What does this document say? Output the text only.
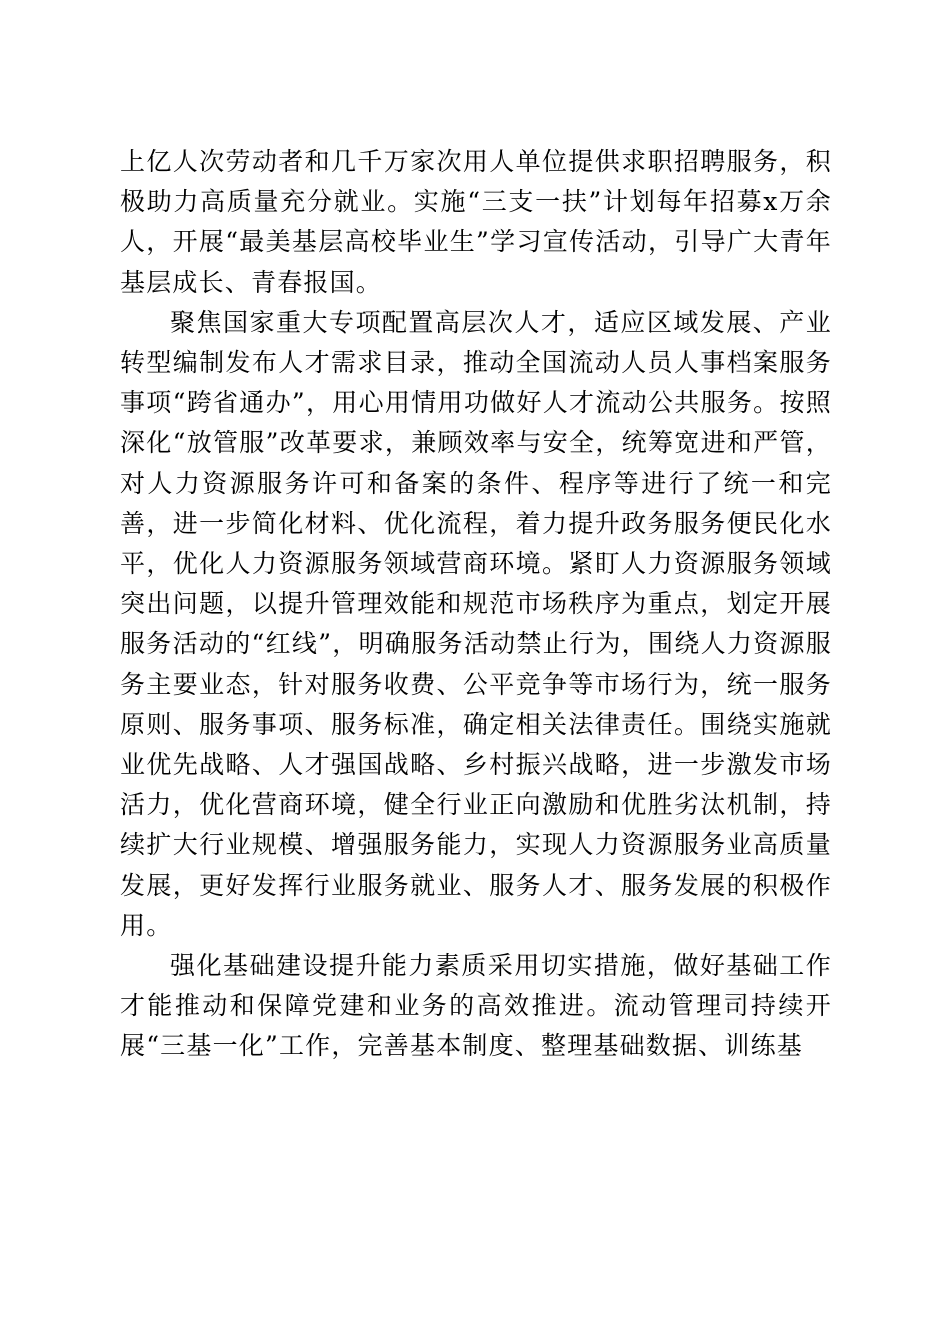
上亿人次劳动者和几千万家次用人单位提供求职招聘服务，积极助力高质量充分就业。实施“三支一扶”计划每年招募x万余人，开展“最美基层高校毕业生”学习宣传活动，引导广大青年基层成长、青春报国。

聚焦国家重大专项配置高层次人才，适应区域发展、产业转型编制发布人才需求目录，推动全国流动人员人事档案服务事项“跨省通办”，用心用情用功做好人才流动公共服务。按照深化“放管服”改革要求，兼顾效率与安全，统筹宽进和严管，对人力资源服务许可和备案的条件、程序等进行了统一和完善，进一步简化材料、优化流程，着力提升政务服务便民化水平，优化人力资源服务领域营商环境。紧盯人力资源服务领域突出问题，以提升管理效能和规范市场秩序为重点，划定开展服务活动的“红线”，明确服务活动禁止行为，围绕人力资源服务主要业态，针对服务收费、公平竞争等市场行为，统一服务原则、服务事项、服务标准，确定相关法律责任。围绕实施就业优先战略、人才强国战略、乡村振兴战略，进一步激发市场活力，优化营商环境，健全行业正向激励和优胜劣汰机制，持续扩大行业规模、增强服务能力，实现人力资源服务业高质量发展，更好发挥行业服务就业、服务人才、服务发展的积极作用。

强化基础建设提升能力素质采用切实措施，做好基础工作才能推动和保障党建和业务的高效推进。流动管理司持续开展“三基一化”工作，完善基本制度、整理基础数据、训练基
